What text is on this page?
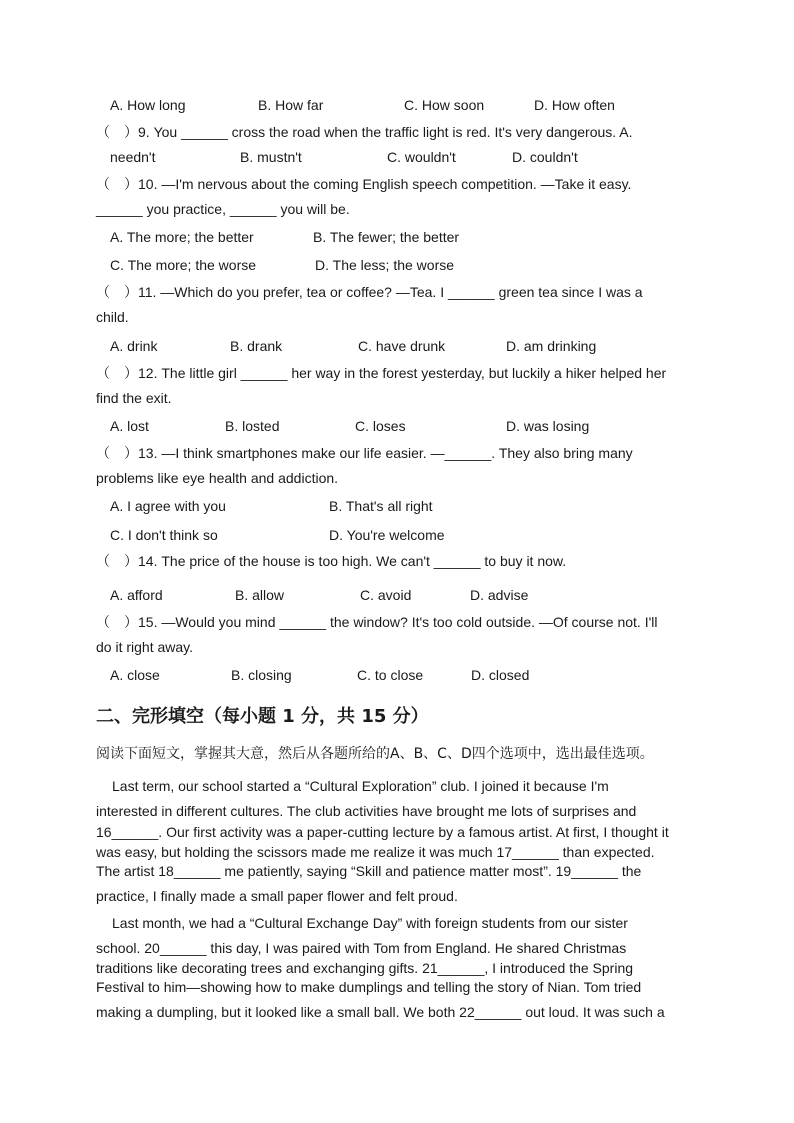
A. How long	B. How far	C. How soon	D. How often
（　）9. You ______ cross the road when the traffic light is red. It's very dangerous. A.
needn't	B. mustn't	C. wouldn't	D. couldn't
（　）10. —I'm nervous about the coming English speech competition. —Take it easy.
______ you practice, ______ you will be.
A. The more; the better	B. The fewer; the better
C. The more; the worse	D. The less; the worse
（　）11. —Which do you prefer, tea or coffee? —Tea. I ______ green tea since I was a
child.
A. drink	B. drank	C. have drunk	D. am drinking
（　）12. The little girl ______ her way in the forest yesterday, but luckily a hiker helped her
find the exit.
A. lost	B. losted	C. loses	D. was losing
（　）13. —I think smartphones make our life easier. —______. They also bring many
problems like eye health and addiction.
A. I agree with you	B. That's all right
C. I don't think so	D. You're welcome
（　）14. The price of the house is too high. We can't ______ to buy it now.
A. afford	B. allow	C. avoid	D. advise
（　）15. —Would you mind ______ the window? It's too cold outside. —Of course not. I'll
do it right away.
A. close	B. closing	C. to close	D. closed
二、完形填空（每小题 1 分，共 15 分）
阅读下面短文，掌握其大意，然后从各题所给的A、B、C、D四个选项中，选出最佳选项。
Last term, our school started a “Cultural Exploration” club. I joined it because I'm
interested in different cultures. The club activities have brought me lots of surprises and
16______. Our first activity was a paper-cutting lecture by a famous artist. At first, I thought it
was easy, but holding the scissors made me realize it was much 17______ than expected.
The artist 18______ me patiently, saying “Skill and patience matter most”. 19______ the
practice, I finally made a small paper flower and felt proud.
Last month, we had a “Cultural Exchange Day” with foreign students from our sister
school. 20______ this day, I was paired with Tom from England. He shared Christmas
traditions like decorating trees and exchanging gifts. 21______, I introduced the Spring
Festival to him—showing how to make dumplings and telling the story of Nian. Tom tried
making a dumpling, but it looked like a small ball. We both 22______ out loud. It was such a
